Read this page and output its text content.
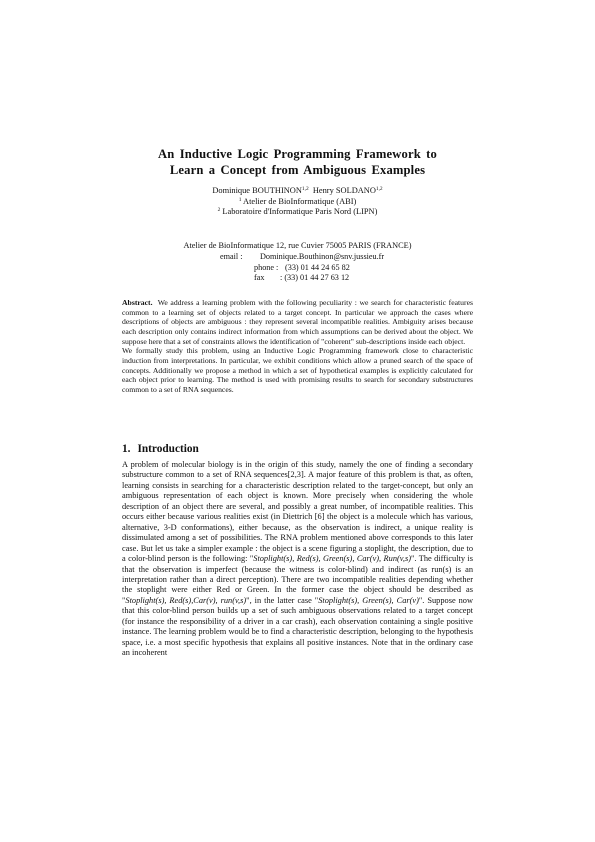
An Inductive Logic Programming Framework to
Learn a Concept from Ambiguous Examples
Dominique BOUTHINON$^{1,2}$ Henry SOLDANO$^{1,2}$
$^1$ Atelier de BioInformatique (ABI)
$^2$ Laboratoire d'Informatique Paris Nord (LIPN)
Atelier de BioInformatique 12, rue Cuvier 75005 PARIS (FRANCE)
email : Dominique.Bouthinon@snv.jussieu.fr
phone : (33) 01 44 24 65 82
fax : (33) 01 44 27 63 12

Abstract. We address a learning problem with the following peculiarity : we search for characteristic features common to a learning set of objects related to a target concept. In particular we approach the cases where descriptions of objects are ambiguous : they represent several incompatible realities. Ambiguity arises because each description only contains indirect information from which assumptions can be derived about the object. We suppose here that a set of constraints allows the identification of "coherent" sub-descriptions inside each object.

We formally study this problem, using an Inductive Logic Programming framework close to characteristic induction from interpretations. In particular, we exhibit conditions which allow a pruned search of the space of concepts. Additionally we propose a method in which a set of hypothetical examples is explicitly calculated for each object prior to learning. The method is used with promising results to search for secondary substructures common to a set of RNA sequences.

1. Introduction

A problem of molecular biology is in the origin of this study, namely the one of finding a secondary substructure common to a set of RNA sequences[2,3]. A major feature of this problem is that, as often, learning consists in searching for a characteristic description related to the target-concept, but only an ambiguous representation of each object is known. More precisely when considering the whole description of an object there are several, and possibly a great number, of incompatible realities. This occurs either because various realities exist (in Diettrich [6] the object is a molecule which has various, alternative, 3-D conformations), either because, as the observation is indirect, a unique reality is dissimulated among a set of possibilities. The RNA problem mentioned above corresponds to this later case. But let us take a simpler example : the object is a scene figuring a stoplight, the description, due to a color-blind person is the following: "Stoplight(s), Red(s), Green(s), Car(v), Run(v,s)". The difficulty is that the observation is imperfect (because the witness is color-blind) and indirect (as run(s) is an interpretation rather than a direct perception). There are two incompatible realities depending whether the stoplight were either Red or Green. In the former case the object should be described as "Stoplight(s), Red(s),Car(v), run(v,s)", in the latter case "Stoplight(s), Green(s), Car(v)". Suppose now that this color-blind person builds up a set of such ambiguous observations related to a target concept (for instance the responsibility of a driver in a car crash), each observation containing a single positive instance. The learning problem would be to find a characteristic description, belonging to the hypothesis space, i.e. a most specific hypothesis that explains all positive instances. Note that in the ordinary case an incoherent
